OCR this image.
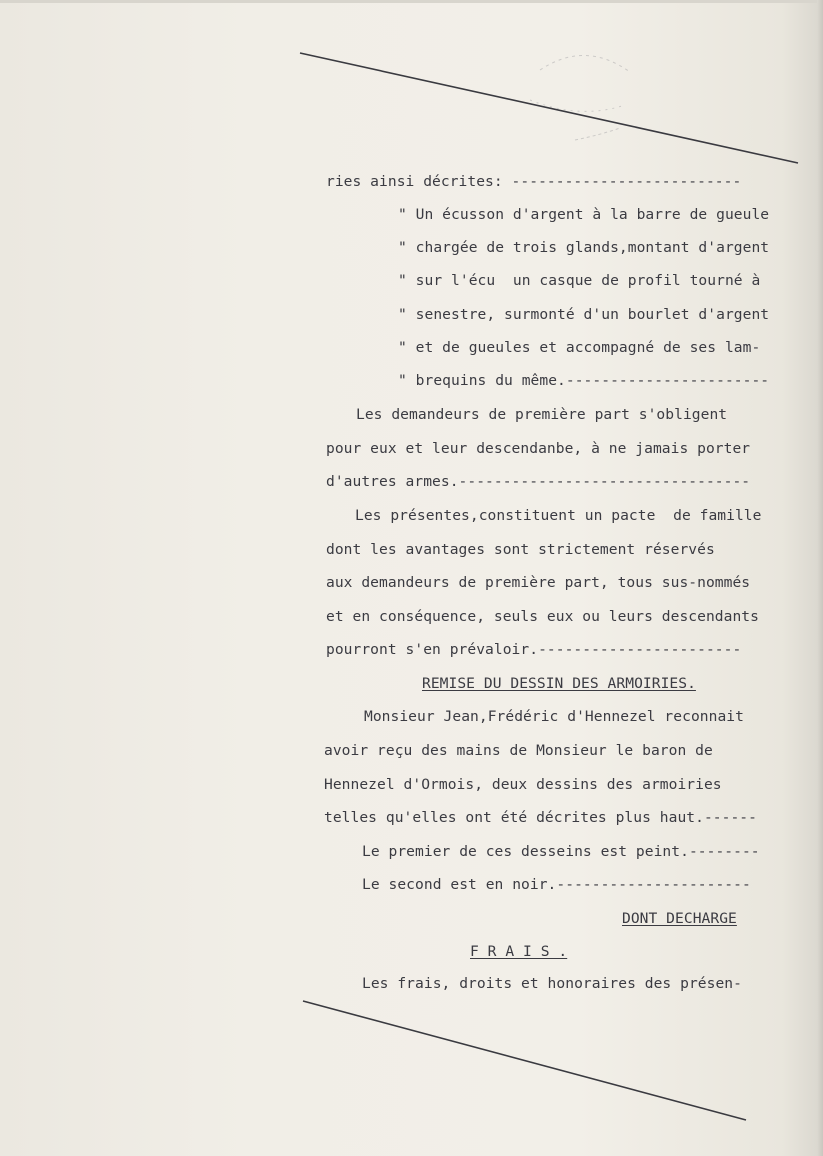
ries ainsi décrites: --------------------------
" Un écusson d'argent à la barre de gueule
" chargée de trois glands,montant d'argent
" sur l'écu  un casque de profil tourné à
" senestre, surmonté d'un bourlet d'argent
" et de gueules et accompagné de ses lam-
" brequins du même.-----------------------
Les demandeurs de première part s'obligent
pour eux et leur descendanbe, à ne jamais porter
d'autres armes.---------------------------------
Les présentes,constituent un pacte  de famille
dont les avantages sont strictement réservés
aux demandeurs de première part, tous sus-nommés
et en conséquence, seuls eux ou leurs descendants
pourront s'en prévaloir.-----------------------
REMISE DU DESSIN DES ARMOIRIES.
Monsieur Jean,Frédéric d'Hennezel reconnait
avoir reçu des mains de Monsieur le baron de
Hennezel d'Ormois, deux dessins des armoiries
telles qu'elles ont été décrites plus haut.------
Le premier de ces desseins est peint.--------
Le second est en noir.----------------------
DONT DECHARGE
F R A I S .
Les frais, droits et honoraires des présen-
